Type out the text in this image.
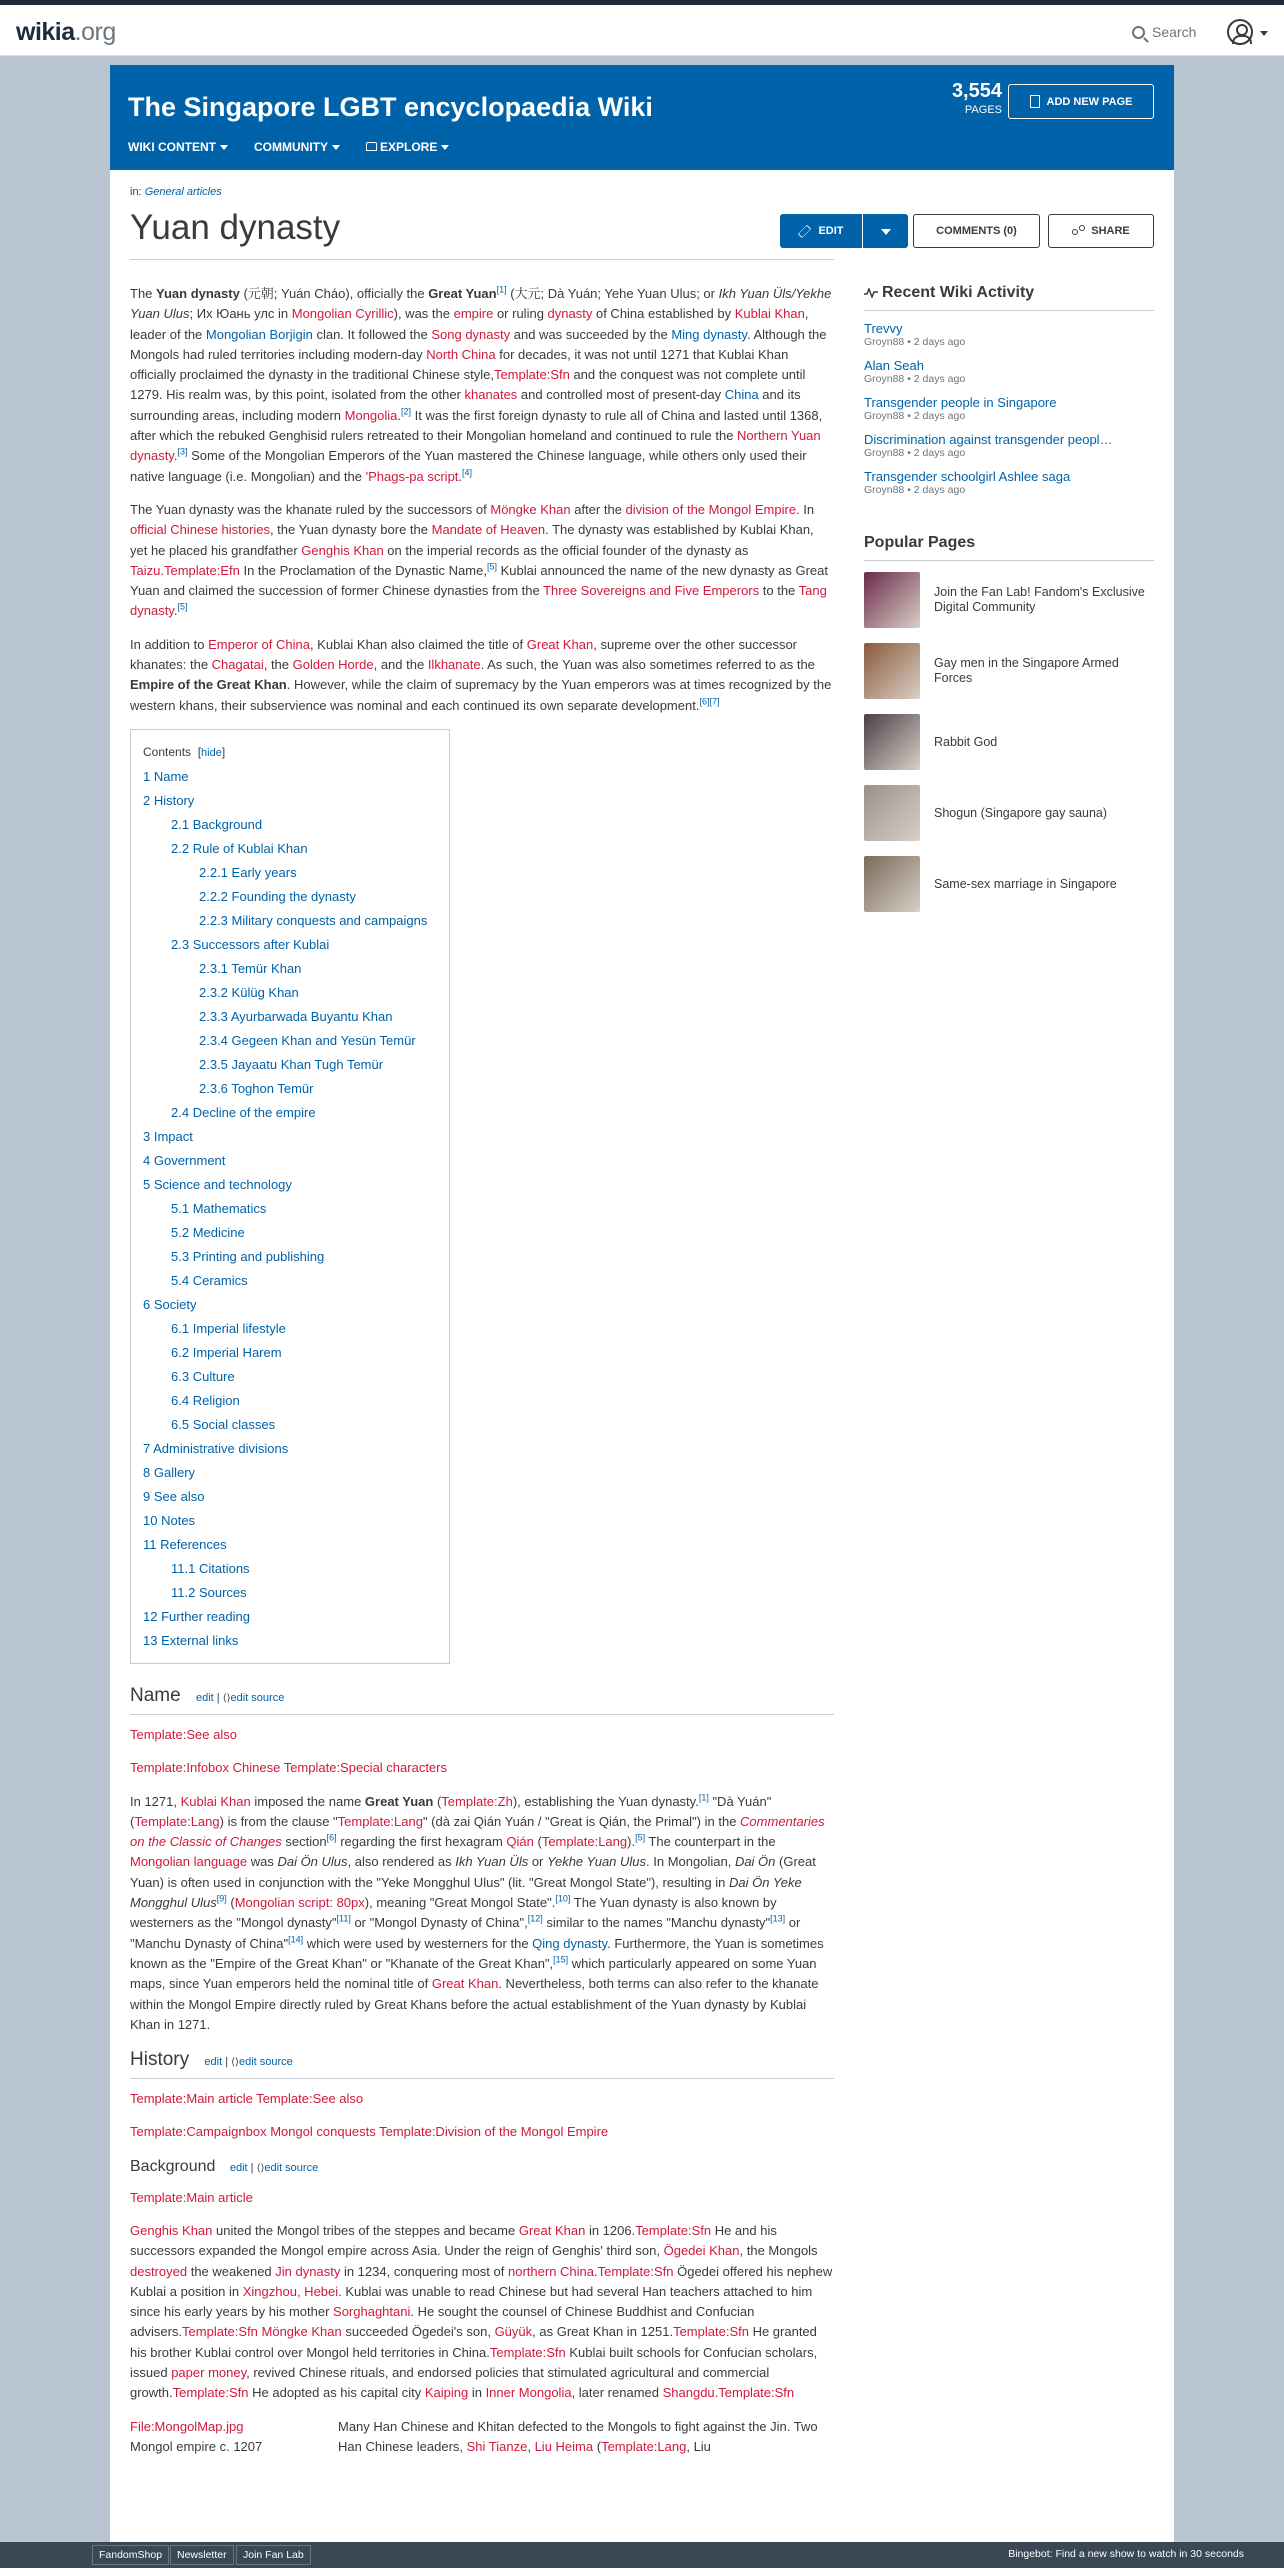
wikia.org	Search
The Singapore LGBT encyclopaedia Wiki
3,554
PAGES
ADD NEW PAGE
WIKI CONTENT	COMMUNITY	EXPLORE
in: General articles
Yuan dynasty	EDIT	COMMENTS (0)	SHARE

The Yuan dynasty (元朝; Yuán Cháo), officially the Great Yuan[1] (大元; Dà Yuán; Yehe Yuan Ulus; or Ikh Yuan Üls/Yekhe Yuan Ulus; Их Юань улс in Mongolian Cyrillic), was the empire or ruling dynasty of China established by Kublai Khan, leader of the Mongolian Borjigin clan. It followed the Song dynasty and was succeeded by the Ming dynasty. Although the Mongols had ruled territories including modern-day North China for decades, it was not until 1271 that Kublai Khan officially proclaimed the dynasty in the traditional Chinese style,Template:Sfn and the conquest was not complete until 1279. His realm was, by this point, isolated from the other khanates and controlled most of present-day China and its surrounding areas, including modern Mongolia.[2] It was the first foreign dynasty to rule all of China and lasted until 1368, after which the rebuked Genghisid rulers retreated to their Mongolian homeland and continued to rule the Northern Yuan dynasty.[3] Some of the Mongolian Emperors of the Yuan mastered the Chinese language, while others only used their native language (i.e. Mongolian) and the 'Phags-pa script.[4]

The Yuan dynasty was the khanate ruled by the successors of Möngke Khan after the division of the Mongol Empire. In official Chinese histories, the Yuan dynasty bore the Mandate of Heaven. The dynasty was established by Kublai Khan, yet he placed his grandfather Genghis Khan on the imperial records as the official founder of the dynasty as Taizu.Template:Efn In the Proclamation of the Dynastic Name,[5] Kublai announced the name of the new dynasty as Great Yuan and claimed the succession of former Chinese dynasties from the Three Sovereigns and Five Emperors to the Tang dynasty.[5]

In addition to Emperor of China, Kublai Khan also claimed the title of Great Khan, supreme over the other successor khanates: the Chagatai, the Golden Horde, and the Ilkhanate. As such, the Yuan was also sometimes referred to as the Empire of the Great Khan. However, while the claim of supremacy by the Yuan emperors was at times recognized by the western khans, their subservience was nominal and each continued its own separate development.[6][7]

Contents  [hide]
1 Name
2 History
2.1 Background
2.2 Rule of Kublai Khan
2.2.1 Early years
2.2.2 Founding the dynasty
2.2.3 Military conquests and campaigns
2.3 Successors after Kublai
2.3.1 Temür Khan
2.3.2 Külüg Khan
2.3.3 Ayurbarwada Buyantu Khan
2.3.4 Gegeen Khan and Yesün Temür
2.3.5 Jayaatu Khan Tugh Temür
2.3.6 Toghon Temür
2.4 Decline of the empire
3 Impact
4 Government
5 Science and technology
5.1 Mathematics
5.2 Medicine
5.3 Printing and publishing
5.4 Ceramics
6 Society
6.1 Imperial lifestyle
6.2 Imperial Harem
6.3 Culture
6.4 Religion
6.5 Social classes
7 Administrative divisions
8 Gallery
9 See also
10 Notes
11 References
11.1 Citations
11.2 Sources
12 Further reading
13 External links
Name edit | ⟨⟩edit source

Template:See also

Template:Infobox Chinese Template:Special characters

In 1271, Kublai Khan imposed the name Great Yuan (Template:Zh), establishing the Yuan dynasty.[1] "Dà Yuán" (Template:Lang) is from the clause "Template:Lang" (dà zai Qián Yuán / "Great is Qián, the Primal") in the Commentaries on the Classic of Changes section[6] regarding the first hexagram Qián (Template:Lang).[5] The counterpart in the Mongolian language was Dai Ön Ulus, also rendered as Ikh Yuan Üls or Yekhe Yuan Ulus. In Mongolian, Dai Ön (Great Yuan) is often used in conjunction with the "Yeke Mongghul Ulus" (lit. "Great Mongol State"), resulting in Dai Ön Yeke Mongghul Ulus[9] (Mongolian script: 80px), meaning "Great Mongol State".[10] The Yuan dynasty is also known by westerners as the "Mongol dynasty"[11] or "Mongol Dynasty of China",[12] similar to the names "Manchu dynasty"[13] or "Manchu Dynasty of China"[14] which were used by westerners for the Qing dynasty. Furthermore, the Yuan is sometimes known as the "Empire of the Great Khan" or "Khanate of the Great Khan",[15] which particularly appeared on some Yuan maps, since Yuan emperors held the nominal title of Great Khan. Nevertheless, both terms can also refer to the khanate within the Mongol Empire directly ruled by Great Khans before the actual establishment of the Yuan dynasty by Kublai Khan in 1271.

History edit | ⟨⟩edit source

Template:Main article Template:See also

Template:Campaignbox Mongol conquests Template:Division of the Mongol Empire

Background edit | ⟨⟩edit source

Template:Main article

Genghis Khan united the Mongol tribes of the steppes and became Great Khan in 1206.Template:Sfn He and his successors expanded the Mongol empire across Asia. Under the reign of Genghis' third son, Ögedei Khan, the Mongols destroyed the weakened Jin dynasty in 1234, conquering most of northern China.Template:Sfn Ögedei offered his nephew Kublai a position in Xingzhou, Hebei. Kublai was unable to read Chinese but had several Han teachers attached to him since his early years by his mother Sorghaghtani. He sought the counsel of Chinese Buddhist and Confucian advisers.Template:Sfn Möngke Khan succeeded Ögedei's son, Güyük, as Great Khan in 1251.Template:Sfn He granted his brother Kublai control over Mongol held territories in China.Template:Sfn Kublai built schools for Confucian scholars, issued paper money, revived Chinese rituals, and endorsed policies that stimulated agricultural and commercial growth.Template:Sfn He adopted as his capital city Kaiping in Inner Mongolia, later renamed Shangdu.Template:Sfn

File:MongolMap.jpg
Mongol empire c. 1207
Many Han Chinese and Khitan defected to the Mongols to fight against the Jin. Two Han Chinese leaders, Shi Tianze, Liu Heima (Template:Lang, Liu
Recent Wiki Activity
Trevvy
Groyn88 • 2 days ago
Alan Seah
Groyn88 • 2 days ago
Transgender people in Singapore
Groyn88 • 2 days ago
Discrimination against transgender peopl…
Groyn88 • 2 days ago
Transgender schoolgirl Ashlee saga
Groyn88 • 2 days ago
Popular Pages
Join the Fan Lab! Fandom's Exclusive Digital Community
Gay men in the Singapore Armed Forces
Rabbit God
Shogun (Singapore gay sauna)
Same-sex marriage in Singapore
FandomShop	Newsletter	Join Fan Lab	Bingebot: Find a new show to watch in 30 seconds
